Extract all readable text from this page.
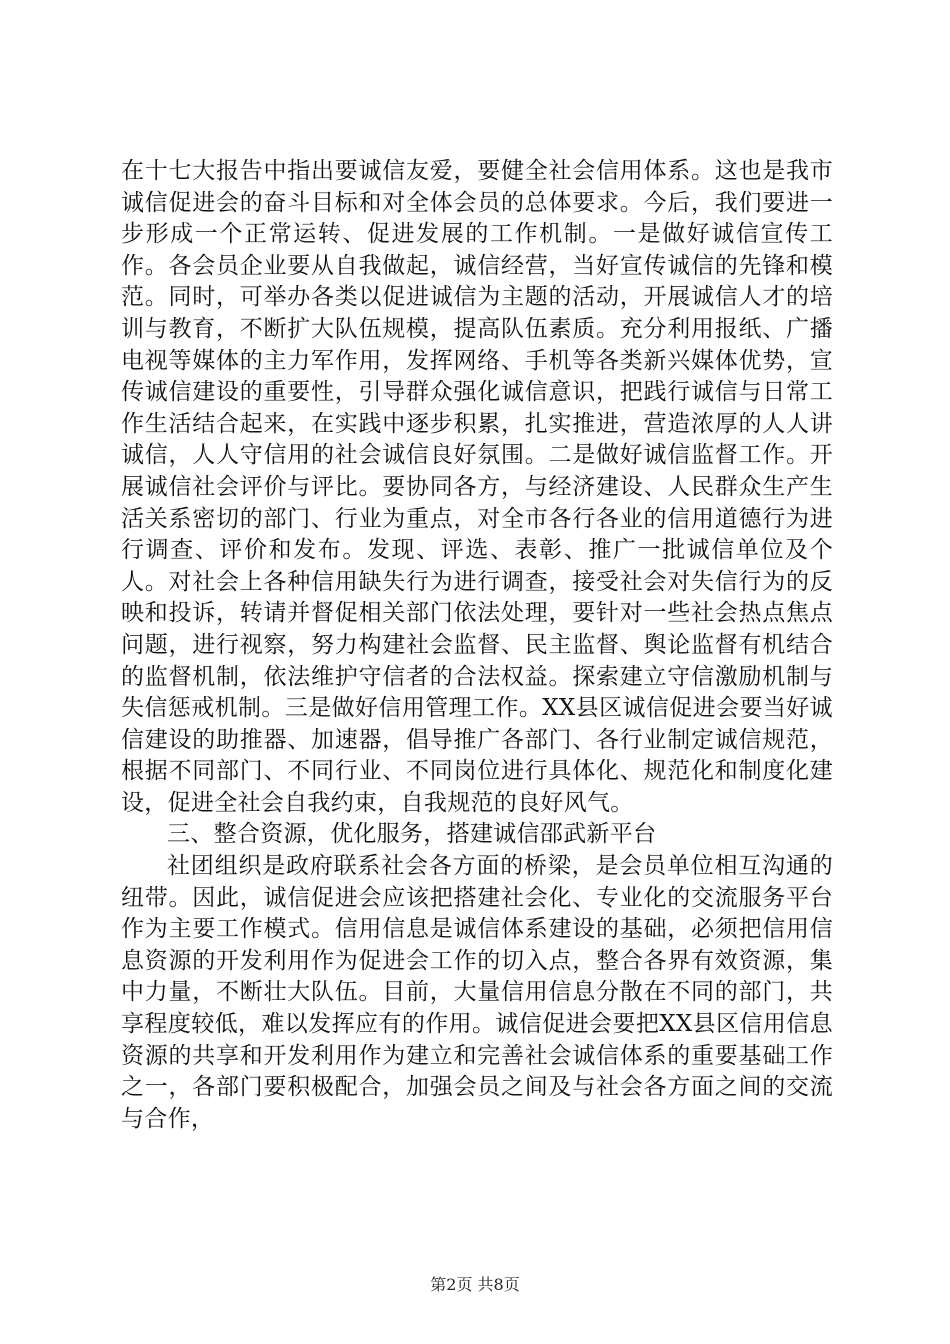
在十七大报告中指出要诚信友爱，要健全社会信用体系。这也是我市诚信促进会的奋斗目标和对全体会员的总体要求。今后，我们要进一步形成一个正常运转、促进发展的工作机制。一是做好诚信宣传工作。各会员企业要从自我做起，诚信经营，当好宣传诚信的先锋和模范。同时，可举办各类以促进诚信为主题的活动，开展诚信人才的培训与教育，不断扩大队伍规模，提高队伍素质。充分利用报纸、广播电视等媒体的主力军作用，发挥网络、手机等各类新兴媒体优势，宣传诚信建设的重要性，引导群众强化诚信意识，把践行诚信与日常工作生活结合起来，在实践中逐步积累，扎实推进，营造浓厚的人人讲诚信，人人守信用的社会诚信良好氛围。二是做好诚信监督工作。开展诚信社会评价与评比。要协同各方，与经济建设、人民群众生产生活关系密切的部门、行业为重点，对全市各行各业的信用道德行为进行调查、评价和发布。发现、评选、表彰、推广一批诚信单位及个人。对社会上各种信用缺失行为进行调查，接受社会对失信行为的反映和投诉，转请并督促相关部门依法处理，要针对一些社会热点焦点问题，进行视察，努力构建社会监督、民主监督、舆论监督有机结合的监督机制，依法维护守信者的合法权益。探索建立守信激励机制与失信惩戒机制。三是做好信用管理工作。XX县区诚信促进会要当好诚信建设的助推器、加速器，倡导推广各部门、各行业制定诚信规范，根据不同部门、不同行业、不同岗位进行具体化、规范化和制度化建设，促进全社会自我约束，自我规范的良好风气。

三、整合资源，优化服务，搭建诚信邵武新平台

社团组织是政府联系社会各方面的桥梁，是会员单位相互沟通的纽带。因此，诚信促进会应该把搭建社会化、专业化的交流服务平台作为主要工作模式。信用信息是诚信体系建设的基础，必须把信用信息资源的开发利用作为促进会工作的切入点，整合各界有效资源，集中力量，不断壮大队伍。目前，大量信用信息分散在不同的部门，共享程度较低，难以发挥应有的作用。诚信促进会要把XX县区信用信息资源的共享和开发利用作为建立和完善社会诚信体系的重要基础工作之一，各部门要积极配合，加强会员之间及与社会各方面之间的交流与合作，

第2页 共8页
